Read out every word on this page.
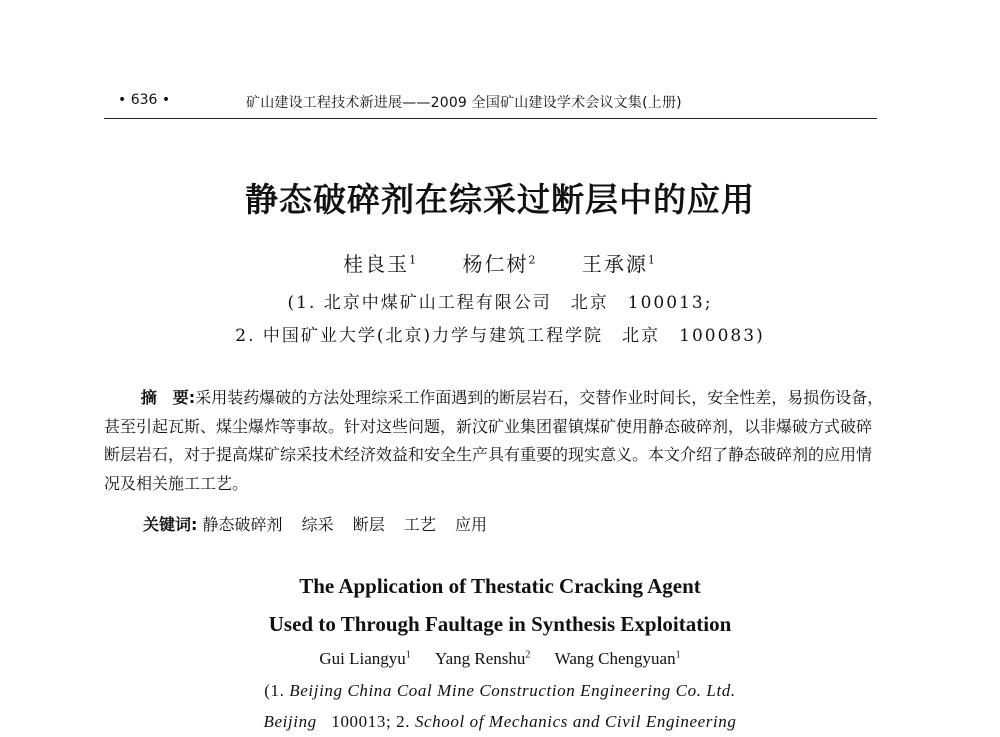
• 636 •	矿山建设工程技术新进展——2009 全国矿山建设学术会议文集(上册)
静态破碎剂在综采过断层中的应用
桂良玉$^1$ 杨仁树$^2$ 王承源$^1$
(1. 北京中煤矿山工程有限公司　北京　100013;
2. 中国矿业大学(北京)力学与建筑工程学院　北京　100083)

摘　要:采用装药爆破的方法处理综采工作面遇到的断层岩石，交替作业时间长，安全性差，易损伤设备，甚至引起瓦斯、煤尘爆炸等事故。针对这些问题，新汶矿业集团翟镇煤矿使用静态破碎剂，以非爆破方式破碎断层岩石，对于提高煤矿综采技术经济效益和安全生产具有重要的现实意义。本文介绍了静态破碎剂的应用情况及相关施工工艺。

关键词: 静态破碎剂 综采 断层 工艺 应用
The Application of Thestatic Cracking Agent
Used to Through Faultage in Synthesis Exploitation
Gui Liangyu$^1$ Yang Renshu$^2$ Wang Chengyuan$^1$
(1. Beijing China Coal Mine Construction Engineering Co. Ltd.
Beijing 100013; 2. School of Mechanics and Civil Engineering
